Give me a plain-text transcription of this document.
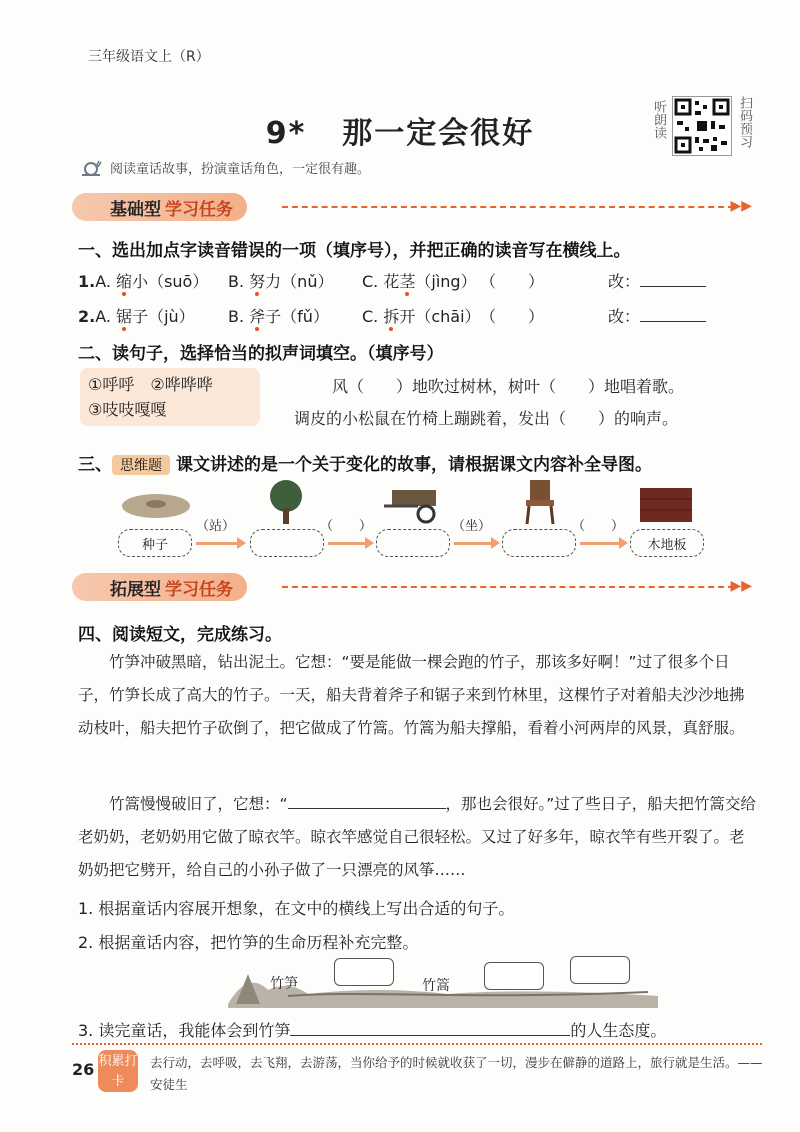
三年级语文上（R）
9* 那一定会很好	听朗读	扫码预习
阅读童话故事，扮演童话角色，一定很有趣。
基础型 学习任务	▶▶
一、选出加点字读音错误的一项（填序号），并把正确的读音写在横线上。
1.A. 缩小（suō） B. 努力（nǔ） C. 花茎（jìng） （　　）	改：
2.A. 锯子（jù） B. 斧子（fǔ） C. 拆开（chāi） （　　）	改：
二、读句子，选择恰当的拟声词填空。（填序号）
①呼呼　 ②哗哗哗
③吱吱嘎嘎
风（　　）地吹过树林，树叶（　　）地唱着歌。
调皮的小松鼠在竹椅上蹦跳着，发出（　　）的响声。
三、 思维题 课文讲述的是一个关于变化的故事，请根据课文内容补全导图。
种子	木地板
（站）	（　　）	（坐）	（　　）
拓展型 学习任务	▶▶
四、阅读短文，完成练习。
竹笋冲破黑暗，钻出泥土。它想：“要是能做一棵会跑的竹子，那该多好啊！”过了很多个日子，竹笋长成了高大的竹子。一天，船夫背着斧子和锯子来到竹林里，这棵竹子对着船夫沙沙地拂动枝叶，船夫把竹子砍倒了，把它做成了竹篙。竹篙为船夫撑船，看着小河两岸的风景，真舒服。
竹篙慢慢破旧了，它想：“	，那也会很好。”过了些日子，船夫把竹篙交给老奶奶，老奶奶用它做了晾衣竿。晾衣竿感觉自己很轻松。又过了好多年，晾衣竿有些开裂了。老奶奶把它劈开，给自己的小孙子做了一只漂亮的风筝……
1. 根据童话内容展开想象，在文中的横线上写出合适的句子。
2. 根据童话内容，把竹笋的生命历程补充完整。
竹笋	竹篙
3. 读完童话，我能体会到竹笋	的人生态度。
26 积累打卡
去行动，去呼吸，去飞翔，去游荡，当你给予的时候就收获了一切，漫步在僻静的道路上，旅行就是生活。——安徒生
